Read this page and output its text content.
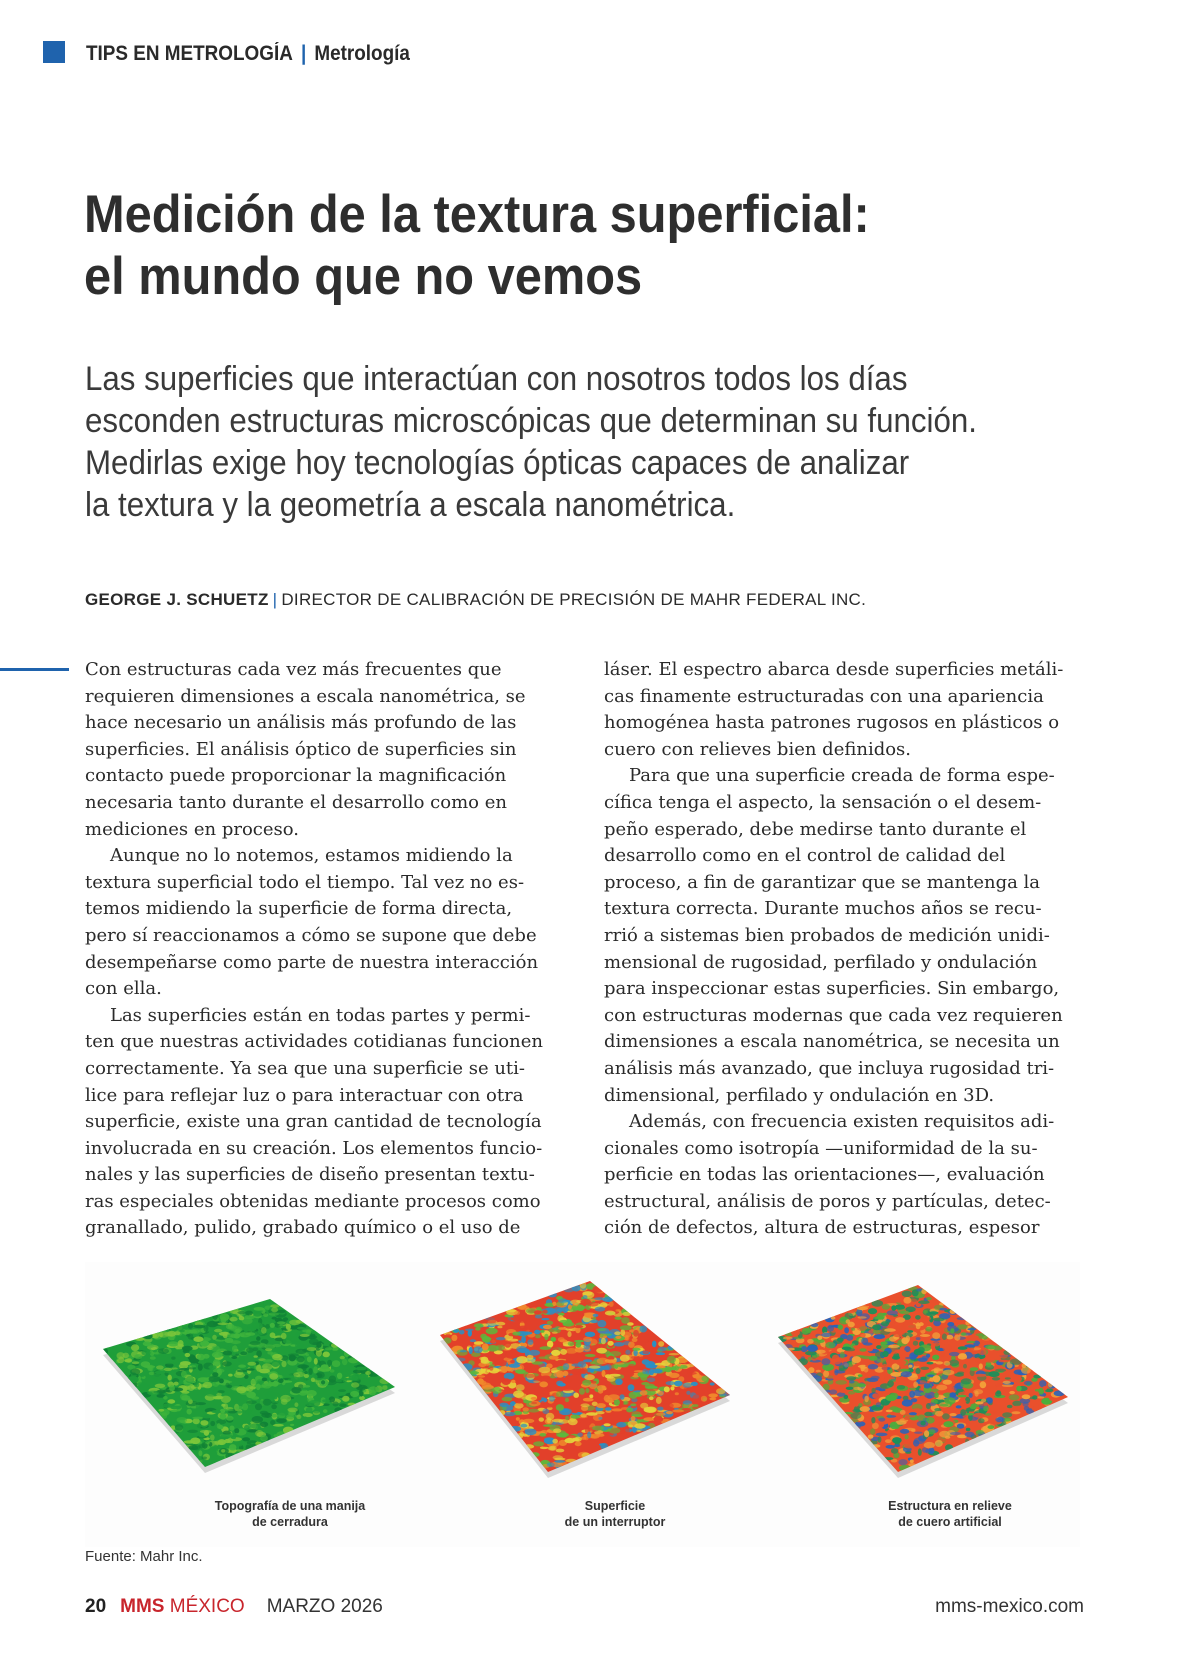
TIPS EN METROLOGÍA | Metrología
Medición de la textura superficial:
el mundo que no vemos
Las superficies que interactúan con nosotros todos los días
esconden estructuras microscópicas que determinan su función.
Medirlas exige hoy tecnologías ópticas capaces de analizar
la textura y la geometría a escala nanométrica.
GEORGE J. SCHUETZ | DIRECTOR DE CALIBRACIÓN DE PRECISIÓN DE MAHR FEDERAL INC.
Con estructuras cada vez más frecuentes que
requieren dimensiones a escala nanométrica, se
hace necesario un análisis más profundo de las
superficies. El análisis óptico de superficies sin
contacto puede proporcionar la magnificación
necesaria tanto durante el desarrollo como en
mediciones en proceso.
Aunque no lo notemos, estamos midiendo la
textura superficial todo el tiempo. Tal vez no es-
temos midiendo la superficie de forma directa,
pero sí reaccionamos a cómo se supone que debe
desempeñarse como parte de nuestra interacción
con ella.
Las superficies están en todas partes y permi-
ten que nuestras actividades cotidianas funcionen
correctamente. Ya sea que una superficie se uti-
lice para reflejar luz o para interactuar con otra
superficie, existe una gran cantidad de tecnología
involucrada en su creación. Los elementos funcio-
nales y las superficies de diseño presentan textu-
ras especiales obtenidas mediante procesos como
granallado, pulido, grabado químico o el uso de
láser. El espectro abarca desde superficies metáli-
cas finamente estructuradas con una apariencia
homogénea hasta patrones rugosos en plásticos o
cuero con relieves bien definidos.
Para que una superficie creada de forma espe-
cífica tenga el aspecto, la sensación o el desem-
peño esperado, debe medirse tanto durante el
desarrollo como en el control de calidad del
proceso, a fin de garantizar que se mantenga la
textura correcta. Durante muchos años se recu-
rrió a sistemas bien probados de medición unidi-
mensional de rugosidad, perfilado y ondulación
para inspeccionar estas superficies. Sin embargo,
con estructuras modernas que cada vez requieren
dimensiones a escala nanométrica, se necesita un
análisis más avanzado, que incluya rugosidad tri-
dimensional, perfilado y ondulación en 3D.
Además, con frecuencia existen requisitos adi-
cionales como isotropía —uniformidad de la su-
perficie en todas las orientaciones—, evaluación
estructural, análisis de poros y partículas, detec-
ción de defectos, altura de estructuras, espesor
Topografía de una manija
de cerradura
Superficie
de un interruptor
Estructura en relieve
de cuero artificial
Fuente: Mahr Inc.
20 MMS MÉXICO MARZO 2026	mms-mexico.com
